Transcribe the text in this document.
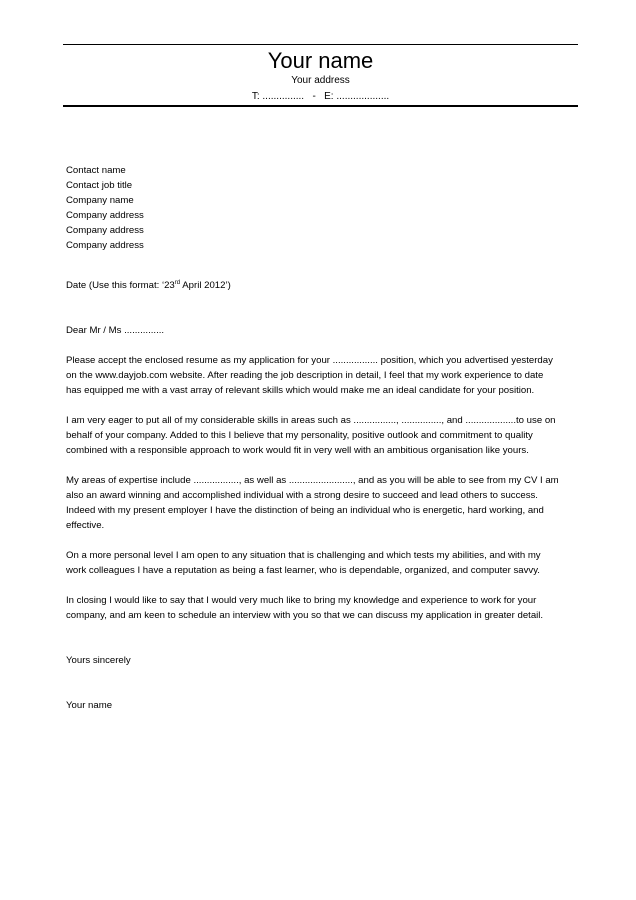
Your name
Your address
T: ............... - E: ...................
Contact name
Contact job title
Company name
Company address
Company address
Company address
Date (Use this format: ‘23rd April 2012’)
Dear Mr / Ms ...............
Please accept the enclosed resume as my application for your ................. position, which you advertised yesterday
on the www.dayjob.com website. After reading the job description in detail, I feel that my work experience to date
has equipped me with a vast array of relevant skills which would make me an ideal candidate for your position.
I am very eager to put all of my considerable skills in areas such as ................, ..............., and ...................to use on
behalf of your company. Added to this I believe that my personality, positive outlook and commitment to quality
combined with a responsible approach to work would fit in very well with an ambitious organisation like yours.
My areas of expertise include ................., as well as ........................, and as you will be able to see from my CV I am
also an award winning and accomplished individual with a strong desire to succeed and lead others to success.
Indeed with my present employer I have the distinction of being an individual who is energetic, hard working, and
effective.
On a more personal level I am open to any situation that is challenging and which tests my abilities, and with my
work colleagues I have a reputation as being a fast learner, who is dependable, organized, and computer savvy.
In closing I would like to say that I would very much like to bring my knowledge and experience to work for your
company, and am keen to schedule an interview with you so that we can discuss my application in greater detail.
Yours sincerely
Your name
